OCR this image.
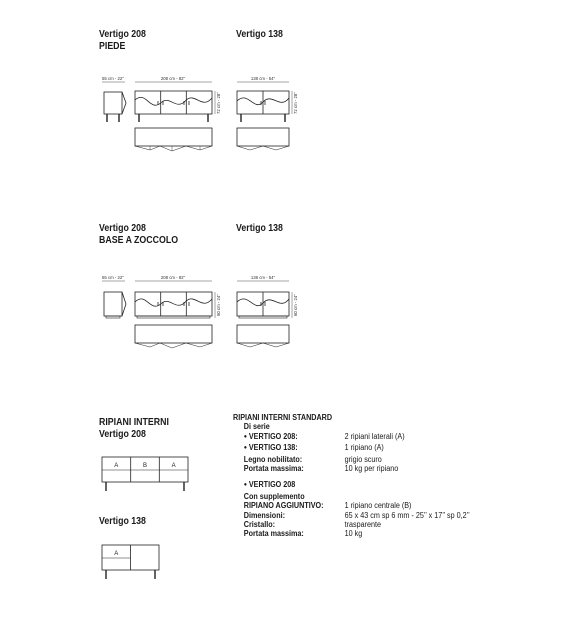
Vertigo 208
PIEDE
Vertigo 138
Vertigo 208
BASE A ZOCCOLO
Vertigo 138
RIPIANI INTERNI
Vertigo 208
Vertigo 138
55 cm - 22''	208 cm - 82''	138 cm - 54''
72 cm - 28''	72 cm - 28''
55 cm - 22''	208 cm - 82''	138 cm - 54''
60 cm - 24''	60 cm - 24''
A	B	A
A
RIPIANI INTERNI STANDARD
Di serie
● VERTIGO 208:	2 ripiani laterali (A)
● VERTIGO 138:	1 ripiano (A)
Legno nobilitato:	grigio scuro
Portata massima:	10 kg per ripiano
● VERTIGO 208
Con supplemento
RIPIANO AGGIUNTIVO:	1 ripiano centrale (B)
Dimensioni:	65 x 43 cm sp 6 mm - 25’’ x 17’’ sp 0,2’’
Cristallo:	trasparente
Portata massima:	10 kg
